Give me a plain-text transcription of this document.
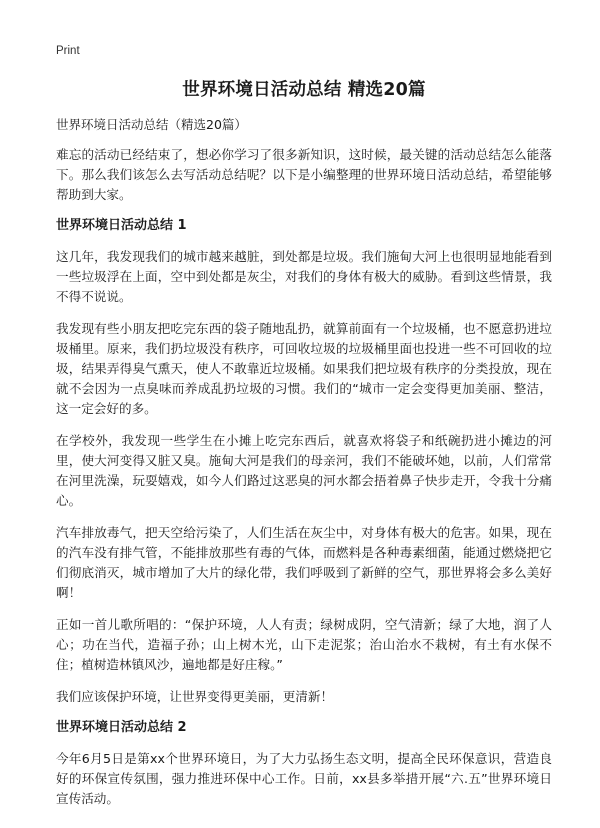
Print
世界环境日活动总结 精选20篇
世界环境日活动总结（精选20篇）

难忘的活动已经结束了，想必你学习了很多新知识，这时候，最关键的活动总结怎么能落下。那么我们该怎么去写活动总结呢？以下是小编整理的世界环境日活动总结，希望能够帮助到大家。

世界环境日活动总结 1

这几年，我发现我们的城市越来越脏，到处都是垃圾。我们施甸大河上也很明显地能看到一些垃圾浮在上面，空中到处都是灰尘，对我们的身体有极大的威胁。看到这些情景，我不得不说说。

我发现有些小朋友把吃完东西的袋子随地乱扔，就算前面有一个垃圾桶，也不愿意扔进垃圾桶里。原来，我们扔垃圾没有秩序，可回收垃圾的垃圾桶里面也投进一些不可回收的垃圾，结果弄得臭气熏天，使人不敢靠近垃圾桶。如果我们把垃圾有秩序的分类投放，现在就不会因为一点臭味而养成乱扔垃圾的习惯。我们的“城市一定会变得更加美丽、整洁，这一定会好的多。

在学校外，我发现一些学生在小摊上吃完东西后，就喜欢将袋子和纸碗扔进小摊边的河里，使大河变得又脏又臭。施甸大河是我们的母亲河，我们不能破坏她，以前，人们常常在河里洗澡，玩耍嬉戏，如今人们路过这恶臭的河水都会捂着鼻子快步走开，令我十分痛心。

汽车排放毒气，把天空给污染了，人们生活在灰尘中，对身体有极大的危害。如果，现在的汽车没有排气管，不能排放那些有毒的气体，而燃料是各种毒素细菌，能通过燃烧把它们彻底消灭，城市增加了大片的绿化带，我们呼吸到了新鲜的空气，那世界将会多么美好啊！

正如一首儿歌所唱的：“保护环境，人人有责；绿树成阴，空气清新；绿了大地，润了人心；功在当代，造福子孙；山上树木光，山下走泥浆；治山治水不栽树，有土有水保不住；植树造林镇风沙，遍地都是好庄稼。”

我们应该保护环境，让世界变得更美丽，更清新！

世界环境日活动总结 2

今年6月5日是第xx个世界环境日，为了大力弘扬生态文明，提高全民环保意识，营造良好的环保宣传氛围，强力推进环保中心工作。日前，xx县多举措开展“六.五”世界环境日宣传活动。
